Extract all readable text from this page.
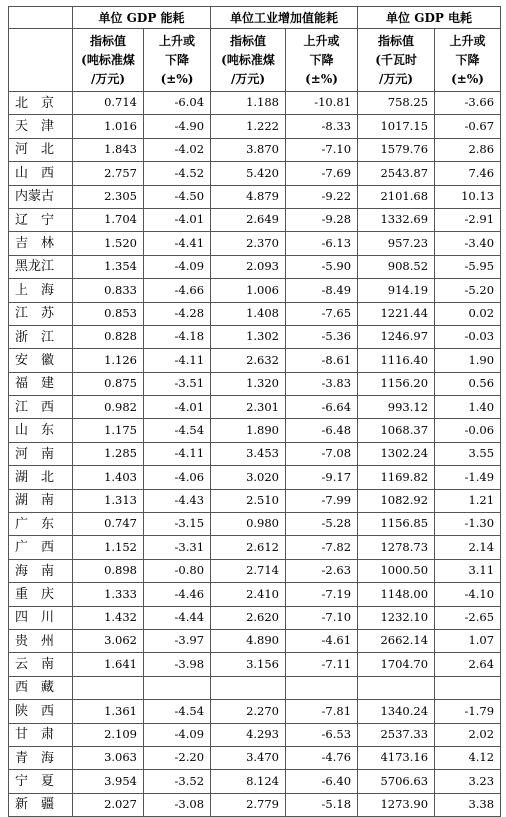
	单位 GDP 能耗		单位工业增加值能耗		单位 GDP 电耗	

	指标值
(吨标准煤
/万元)	上升或
下降
(±%)	指标值
(吨标准煤
/万元)	上升或
下降
(±%)	指标值
(千瓦时
/万元)	上升或
下降
(±%)

北　京	0.714	-6.04	1.188	-10.81	758.25	-3.66
天　津	1.016	-4.90	1.222	-8.33	1017.15	-0.67
河　北	1.843	-4.02	3.870	-7.10	1579.76	2.86
山　西	2.757	-4.52	5.420	-7.69	2543.87	7.46
内蒙古	2.305	-4.50	4.879	-9.22	2101.68	10.13
辽　宁	1.704	-4.01	2.649	-9.28	1332.69	-2.91
吉　林	1.520	-4.41	2.370	-6.13	957.23	-3.40
黑龙江	1.354	-4.09	2.093	-5.90	908.52	-5.95
上　海	0.833	-4.66	1.006	-8.49	914.19	-5.20
江　苏	0.853	-4.28	1.408	-7.65	1221.44	0.02
浙　江	0.828	-4.18	1.302	-5.36	1246.97	-0.03
安　徽	1.126	-4.11	2.632	-8.61	1116.40	1.90
福　建	0.875	-3.51	1.320	-3.83	1156.20	0.56
江　西	0.982	-4.01	2.301	-6.64	993.12	1.40
山　东	1.175	-4.54	1.890	-6.48	1068.37	-0.06
河　南	1.285	-4.11	3.453	-7.08	1302.24	3.55
湖　北	1.403	-4.06	3.020	-9.17	1169.82	-1.49
湖　南	1.313	-4.43	2.510	-7.99	1082.92	1.21
广　东	0.747	-3.15	0.980	-5.28	1156.85	-1.30
广　西	1.152	-3.31	2.612	-7.82	1278.73	2.14
海　南	0.898	-0.80	2.714	-2.63	1000.50	3.11
重　庆	1.333	-4.46	2.410	-7.19	1148.00	-4.10
四　川	1.432	-4.44	2.620	-7.10	1232.10	-2.65
贵　州	3.062	-3.97	4.890	-4.61	2662.14	1.07
云　南	1.641	-3.98	3.156	-7.11	1704.70	2.64
西　藏						
陕　西	1.361	-4.54	2.270	-7.81	1340.24	-1.79
甘　肃	2.109	-4.09	4.293	-6.53	2537.33	2.02
青　海	3.063	-2.20	3.470	-4.76	4173.16	4.12
宁　夏	3.954	-3.52	8.124	-6.40	5706.63	3.23
新　疆	2.027	-3.08	2.779	-5.18	1273.90	3.38
